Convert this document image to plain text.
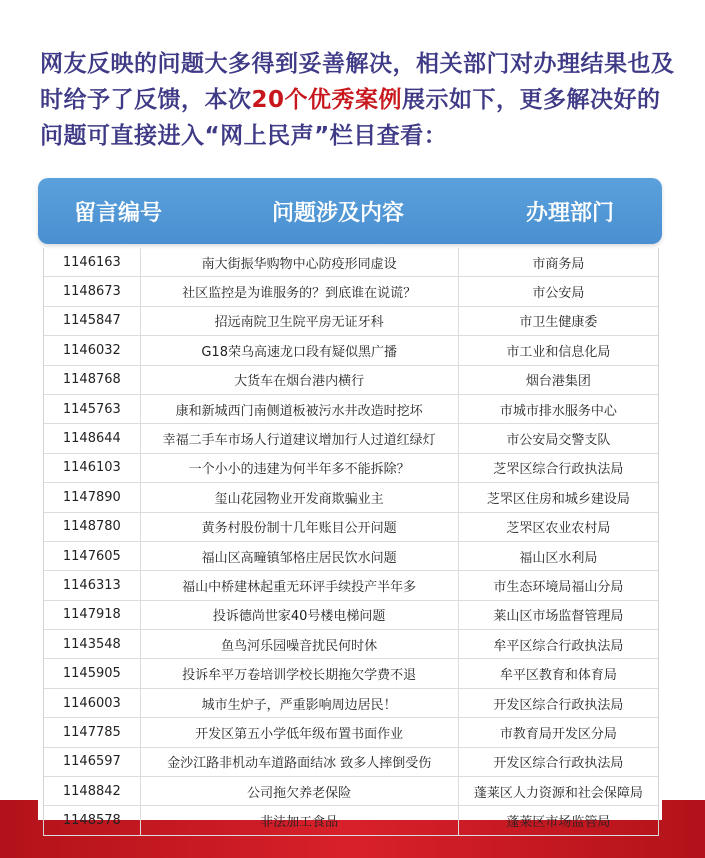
网友反映的问题大多得到妥善解决，相关部门对办理结果也及时给予了反馈，本次20个优秀案例展示如下，更多解决好的问题可直接进入“网上民声”栏目查看：
留言编号	问题涉及内容	办理部门
1146163	南大街振华购物中心防疫形同虚设	市商务局
1148673	社区监控是为谁服务的？到底谁在说谎？	市公安局
1145847	招远南院卫生院平房无证牙科	市卫生健康委
1146032	G18荣乌高速龙口段有疑似黑广播	市工业和信息化局
1148768	大货车在烟台港内横行	烟台港集团
1145763	康和新城西门南侧道板被污水井改造时挖坏	市城市排水服务中心
1148644	幸福二手车市场人行道建议增加行人过道红绿灯	市公安局交警支队
1146103	一个小小的违建为何半年多不能拆除？	芝罘区综合行政执法局
1147890	玺山花园物业开发商欺骗业主	芝罘区住房和城乡建设局
1148780	黄务村股份制十几年账目公开问题	芝罘区农业农村局
1147605	福山区高疃镇邹格庄居民饮水问题	福山区水利局
1146313	福山中桥建林起重无环评手续投产半年多	市生态环境局福山分局
1147918	投诉德尚世家40号楼电梯问题	莱山区市场监督管理局
1143548	鱼鸟河乐园噪音扰民何时休	牟平区综合行政执法局
1145905	投诉牟平万卷培训学校长期拖欠学费不退	牟平区教育和体育局
1146003	城市生炉子，严重影响周边居民！	开发区综合行政执法局
1147785	开发区第五小学低年级布置书面作业	市教育局开发区分局
1146597	金沙江路非机动车道路面结冰 致多人摔倒受伤	开发区综合行政执法局
1148842	公司拖欠养老保险	蓬莱区人力资源和社会保障局
1148578	非法加工食品	蓬莱区市场监管局
